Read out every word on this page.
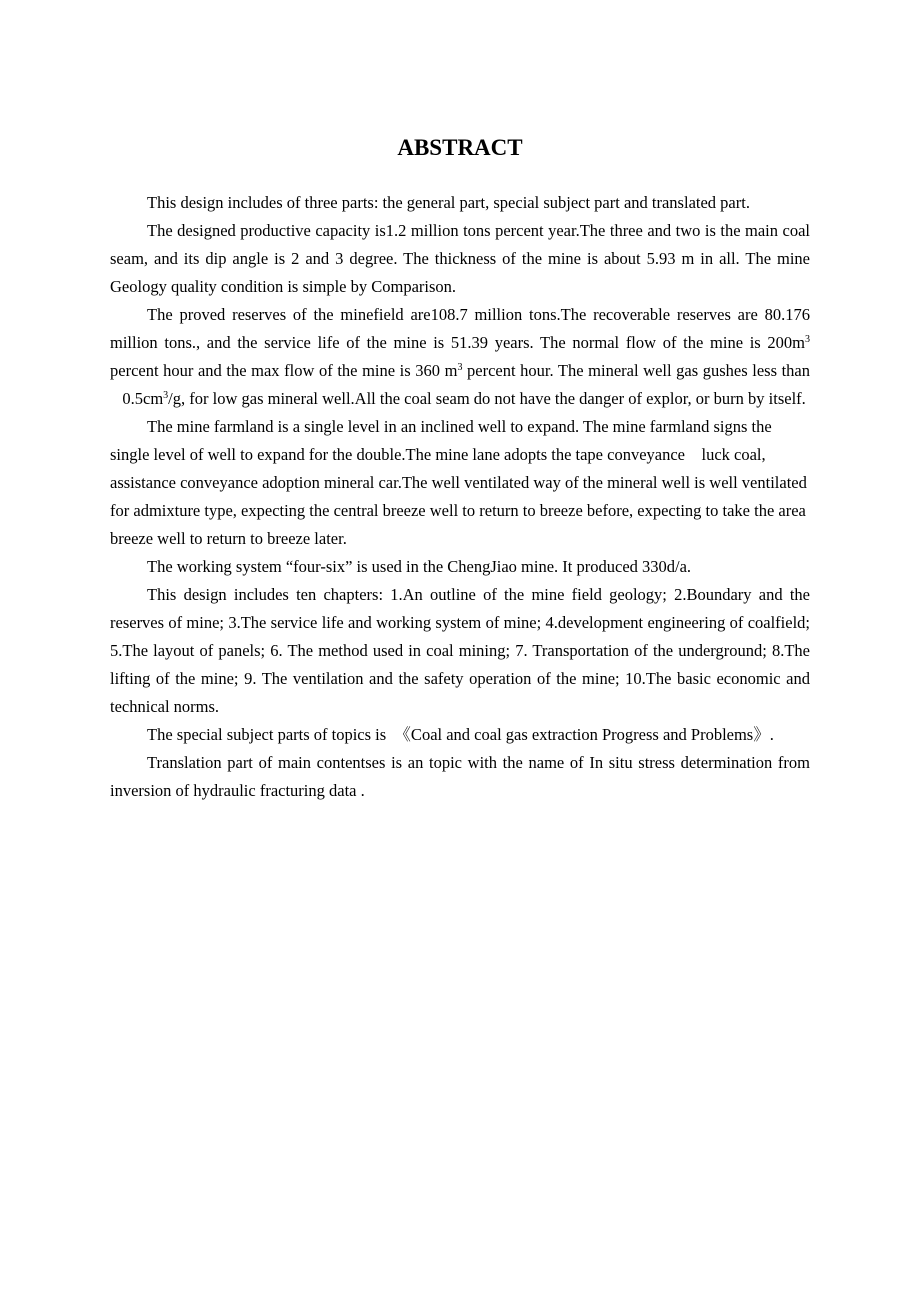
ABSTRACT

This design includes of three parts: the general part, special subject part and translated part.

The designed productive capacity is1.2 million tons percent year.The three and two is the main coal seam, and its dip angle is 2 and 3 degree. The thickness of the mine is about 5.93 m in all. The mine Geology quality condition is simple by Comparison.

The proved reserves of the minefield are108.7 million tons.The recoverable reserves are 80.176 million tons., and the service life of the mine is 51.39 years. The normal flow of the mine is $200m^3$ percent hour and the max flow of the mine is 360 $m^3$ percent hour. The mineral well gas gushes less than    $0.5cm^3/g$, for low gas mineral well.All the coal seam do not have the danger of explor, or burn by itself.

The mine farmland is a single level in an inclined well to expand. The mine farmland signs the single level of well to expand for the double.The mine lane adopts the tape conveyance    luck coal, assistance conveyance adoption mineral car.The well ventilated way of the mineral well is well ventilated for admixture type, expecting the central breeze well to return to breeze before, expecting to take the area breeze well to return to breeze later.

The working system “four-six” is used in the ChengJiao mine. It produced 330d/a.

This design includes ten chapters: 1.An outline of the mine field geology; 2.Boundary and the reserves of mine; 3.The service life and working system of mine; 4.development engineering of coalfield; 5.The layout of panels; 6. The method used in coal mining; 7. Transportation of the underground; 8.The lifting of the mine; 9. The ventilation and the safety operation of the mine; 10.The basic economic and technical norms.

The special subject parts of topics is  《Coal and coal gas extraction Progress and Problems》.

Translation part of main contentses is an topic with the name of In situ stress determination from inversion of hydraulic fracturing data .
